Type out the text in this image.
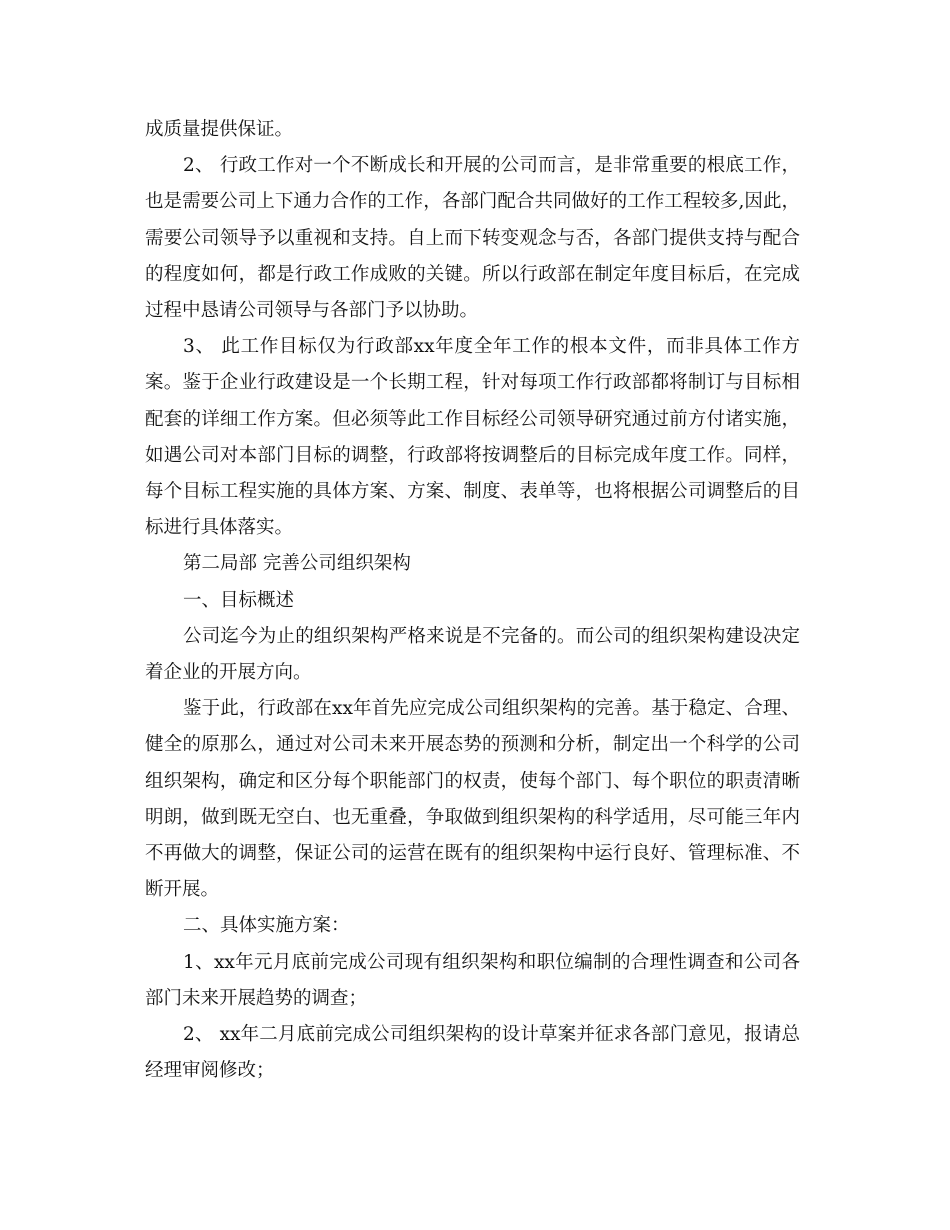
成质量提供保证。

2、 行政工作对一个不断成长和开展的公司而言，是非常重要的根底工作，也是需要公司上下通力合作的工作，各部门配合共同做好的工作工程较多,因此，需要公司领导予以重视和支持。自上而下转变观念与否，各部门提供支持与配合的程度如何，都是行政工作成败的关键。所以行政部在制定年度目标后，在完成过程中恳请公司领导与各部门予以协助。

3、 此工作目标仅为行政部xx年度全年工作的根本文件，而非具体工作方案。鉴于企业行政建设是一个长期工程，针对每项工作行政部都将制订与目标相配套的详细工作方案。但必须等此工作目标经公司领导研究通过前方付诸实施，如遇公司对本部门目标的调整，行政部将按调整后的目标完成年度工作。同样，每个目标工程实施的具体方案、方案、制度、表单等，也将根据公司调整后的目标进行具体落实。

第二局部 完善公司组织架构

一、目标概述

公司迄今为止的组织架构严格来说是不完备的。而公司的组织架构建设决定着企业的开展方向。

鉴于此，行政部在xx年首先应完成公司组织架构的完善。基于稳定、合理、健全的原那么，通过对公司未来开展态势的预测和分析，制定出一个科学的公司组织架构，确定和区分每个职能部门的权责，使每个部门、每个职位的职责清晰明朗，做到既无空白、也无重叠，争取做到组织架构的科学适用，尽可能三年内不再做大的调整，保证公司的运营在既有的组织架构中运行良好、管理标准、不断开展。

二、具体实施方案：

1、xx年元月底前完成公司现有组织架构和职位编制的合理性调查和公司各部门未来开展趋势的调查；

2、 xx年二月底前完成公司组织架构的设计草案并征求各部门意见，报请总经理审阅修改；
